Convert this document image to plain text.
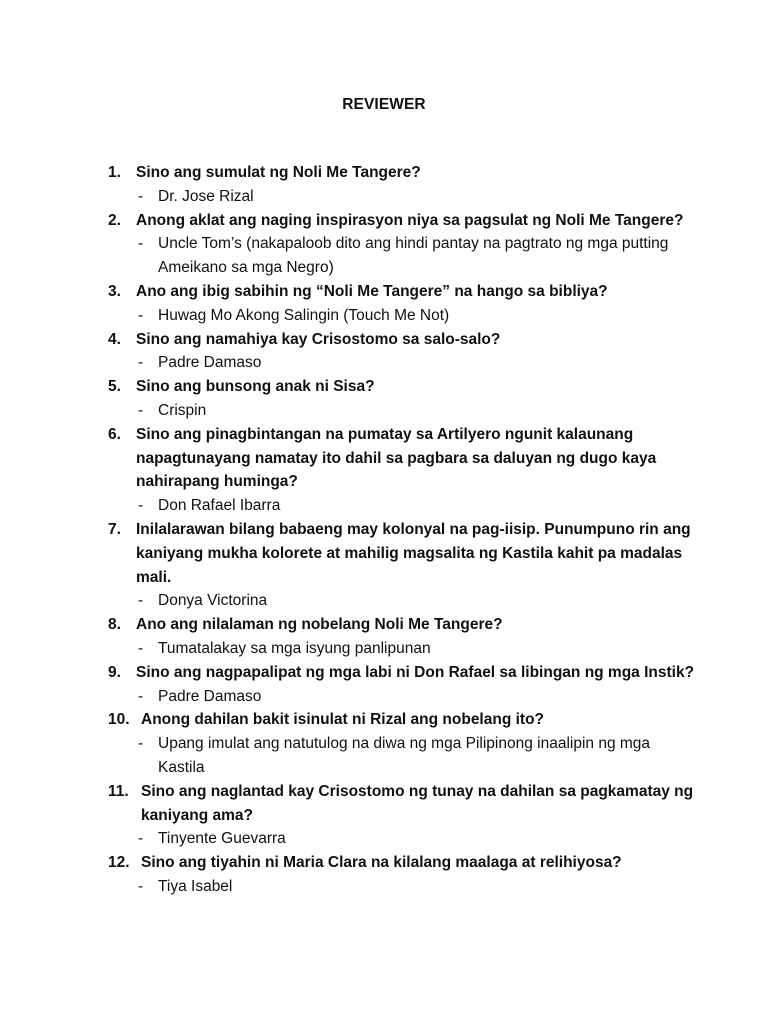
REVIEWER
1. Sino ang sumulat ng Noli Me Tangere?
- Dr. Jose Rizal
2. Anong aklat ang naging inspirasyon niya sa pagsulat ng Noli Me Tangere?
- Uncle Tom’s (nakapaloob dito ang hindi pantay na pagtrato ng mga putting Ameikano sa mga Negro)
3. Ano ang ibig sabihin ng “Noli Me Tangere” na hango sa bibliya?
- Huwag Mo Akong Salingin (Touch Me Not)
4. Sino ang namahiya kay Crisostomo sa salo-salo?
- Padre Damaso
5. Sino ang bunsong anak ni Sisa?
- Crispin
6. Sino ang pinagbintangan na pumatay sa Artilyero ngunit kalaunang napagtunayang namatay ito dahil sa pagbara sa daluyan ng dugo kaya nahirapang huminga?
- Don Rafael Ibarra
7. Inilalarawan bilang babaeng may kolonyal na pag-iisip. Punumpuno rin ang kaniyang mukha kolorete at mahilig magsalita ng Kastila kahit pa madalas mali.
- Donya Victorina
8. Ano ang nilalaman ng nobelang Noli Me Tangere?
- Tumatalakay sa mga isyung panlipunan
9. Sino ang nagpapalipat ng mga labi ni Don Rafael sa libingan ng mga Instik?
- Padre Damaso
10. Anong dahilan bakit isinulat ni Rizal ang nobelang ito?
- Upang imulat ang natutulog na diwa ng mga Pilipinong inaalipin ng mga Kastila
11. Sino ang naglantad kay Crisostomo ng tunay na dahilan sa pagkamatay ng kaniyang ama?
- Tinyente Guevarra
12. Sino ang tiyahin ni Maria Clara na kilalang maalaga at relihiyosa?
- Tiya Isabel
